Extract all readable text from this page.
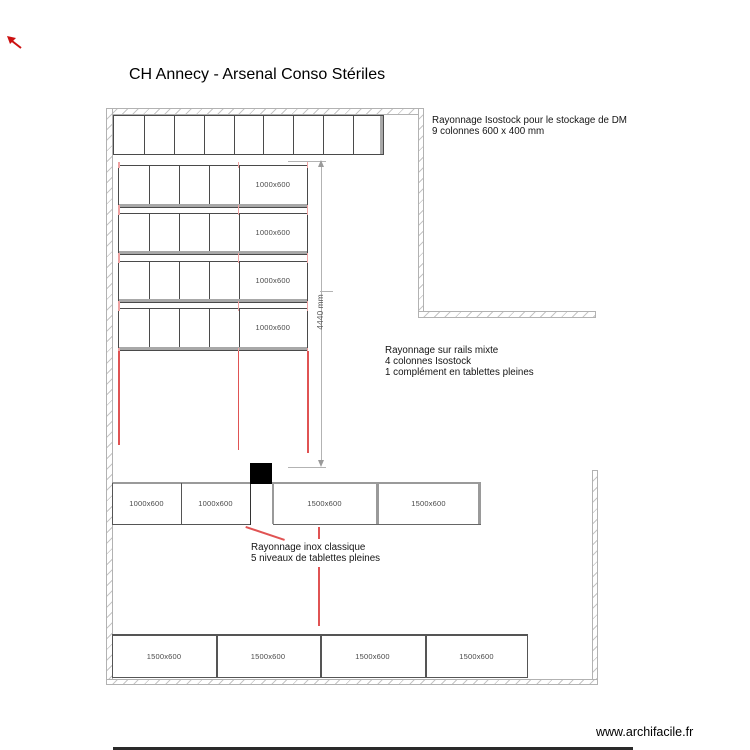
CH Annecy - Arsenal Conso Stériles
1000x600
1000x600
1000x600
1000x600	4440 mm
Rayonnage Isostock pour le stockage de DM
9 colonnes 600 x 400 mm
Rayonnage sur rails mixte
4 colonnes Isostock
1 complément en tablettes pleines
1000x600	1000x600	1500x600	1500x600
Rayonnage inox classique
5 niveaux de tablettes pleines
1500x600	1500x600	1500x600	1500x600
www.archifacile.fr
